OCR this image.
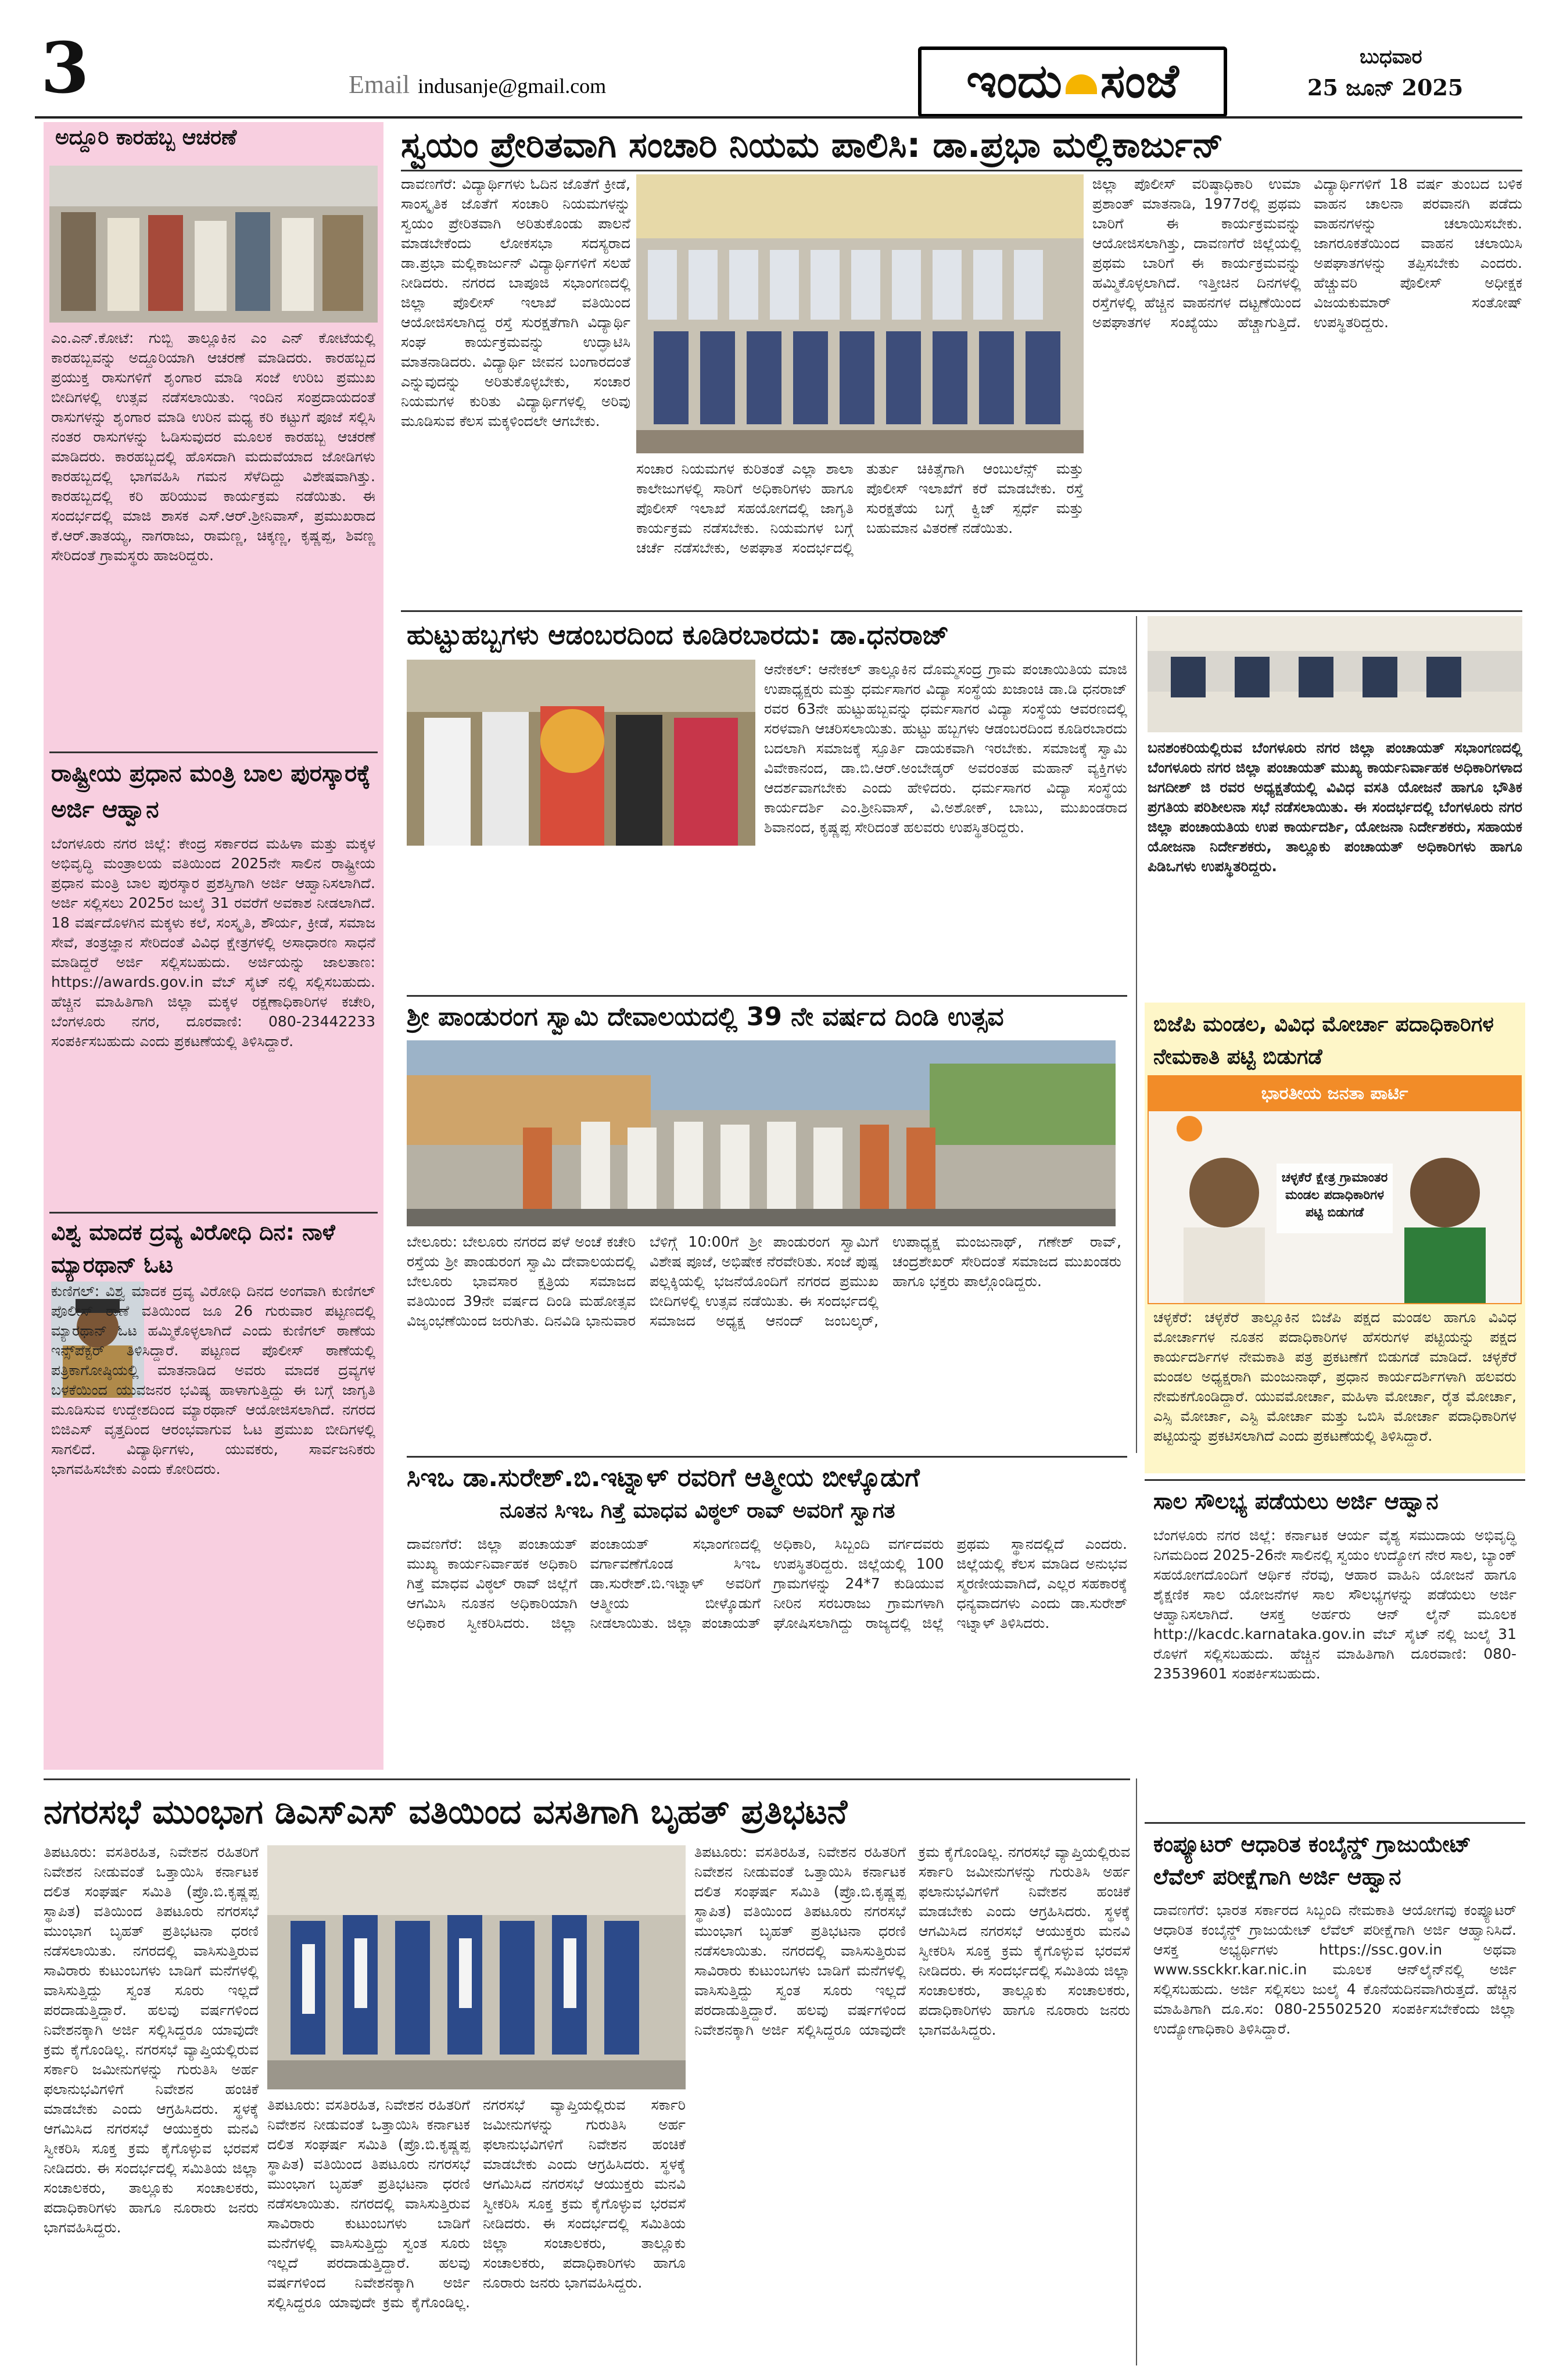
3	Email indusanje@gmail.com	ಇಂದು ಸಂಜೆ	ಬುಧವಾರ
25 ಜೂನ್ 2025
ಅದ್ದೂರಿ ಕಾರಹಬ್ಬ ಆಚರಣೆ
ಎಂ.ಎನ್.ಕೋಟೆ: ಗುಬ್ಬಿ ತಾಲ್ಲೂಕಿನ ಎಂ ಎನ್ ಕೋಟೆಯಲ್ಲಿ ಕಾರಹಬ್ಬವನ್ನು ಅದ್ದೂರಿಯಾಗಿ ಆಚರಣೆ ಮಾಡಿದರು. ಕಾರಹಬ್ಬದ ಪ್ರಯುಕ್ತ ರಾಸುಗಳಿಗೆ ಶೃಂಗಾರ ಮಾಡಿ ಸಂಜೆ ಉರಿಬ ಪ್ರಮುಖ ಬೀದಿಗಳಲ್ಲಿ ಉತ್ಸವ ನಡೆಸಲಾಯಿತು. ಇಂದಿನ ಸಂಪ್ರದಾಯದಂತೆ ರಾಸುಗಳನ್ನು ಶೃಂಗಾರ ಮಾಡಿ ಉರಿನ ಮಧ್ಯ ಕರಿ ಕಟ್ಟುಗೆ ಪೂಜೆ ಸಲ್ಲಿಸಿ ನಂತರ ರಾಸುಗಳನ್ನು ಓಡಿಸುವುದರ ಮೂಲಕ ಕಾರಹಬ್ಬ ಆಚರಣೆ ಮಾಡಿದರು. ಕಾರಹಬ್ಬದಲ್ಲಿ ಹೊಸದಾಗಿ ಮದುವೆಯಾದ ಜೋಡಿಗಳು ಕಾರಹಬ್ಬದಲ್ಲಿ ಭಾಗವಹಿಸಿ ಗಮನ ಸೆಳೆದಿದ್ದು ವಿಶೇಷವಾಗಿತ್ತು. ಕಾರಹಬ್ಬದಲ್ಲಿ ಕರಿ ಹರಿಯುವ ಕಾರ್ಯಕ್ರಮ ನಡೆಯಿತು. ಈ ಸಂದರ್ಭದಲ್ಲಿ ಮಾಜಿ ಶಾಸಕ ಎಸ್.ಆರ್.ಶ್ರೀನಿವಾಸ್, ಪ್ರಮುಖರಾದ ಕೆ.ಆರ್.ತಾತಯ್ಯ, ನಾಗರಾಜು, ರಾಮಣ್ಣ, ಚಿಕ್ಕಣ್ಣ, ಕೃಷ್ಣಪ್ಪ, ಶಿವಣ್ಣ ಸೇರಿದಂತೆ ಗ್ರಾಮಸ್ಥರು ಹಾಜರಿದ್ದರು.
ರಾಷ್ಟ್ರೀಯ ಪ್ರಧಾನ ಮಂತ್ರಿ ಬಾಲ ಪುರಸ್ಕಾರಕ್ಕೆ ಅರ್ಜಿ ಆಹ್ವಾನ
ಬೆಂಗಳೂರು ನಗರ ಜಿಲ್ಲೆ: ಕೇಂದ್ರ ಸರ್ಕಾರದ ಮಹಿಳಾ ಮತ್ತು ಮಕ್ಕಳ ಅಭಿವೃದ್ಧಿ ಮಂತ್ರಾಲಯ ವತಿಯಿಂದ 2025ನೇ ಸಾಲಿನ ರಾಷ್ಟ್ರೀಯ ಪ್ರಧಾನ ಮಂತ್ರಿ ಬಾಲ ಪುರಸ್ಕಾರ ಪ್ರಶಸ್ತಿಗಾಗಿ ಅರ್ಜಿ ಆಹ್ವಾನಿಸಲಾಗಿದೆ. ಅರ್ಜಿ ಸಲ್ಲಿಸಲು 2025ರ ಜುಲೈ 31 ರವರೆಗೆ ಅವಕಾಶ ನೀಡಲಾಗಿದೆ. 18 ವರ್ಷದೊಳಗಿನ ಮಕ್ಕಳು ಕಲೆ, ಸಂಸ್ಕೃತಿ, ಶೌರ್ಯ, ಕ್ರೀಡೆ, ಸಮಾಜ ಸೇವೆ, ತಂತ್ರಜ್ಞಾನ ಸೇರಿದಂತೆ ವಿವಿಧ ಕ್ಷೇತ್ರಗಳಲ್ಲಿ ಅಸಾಧಾರಣ ಸಾಧನೆ ಮಾಡಿದ್ದರೆ ಅರ್ಜಿ ಸಲ್ಲಿಸಬಹುದು. ಅರ್ಜಿಯನ್ನು ಜಾಲತಾಣ: https://awards.gov.in ವೆಬ್ ಸೈಟ್ ನಲ್ಲಿ ಸಲ್ಲಿಸಬಹುದು. ಹೆಚ್ಚಿನ ಮಾಹಿತಿಗಾಗಿ ಜಿಲ್ಲಾ ಮಕ್ಕಳ ರಕ್ಷಣಾಧಿಕಾರಿಗಳ ಕಚೇರಿ, ಬೆಂಗಳೂರು ನಗರ, ದೂರವಾಣಿ: 080-23442233 ಸಂಪರ್ಕಿಸಬಹುದು ಎಂದು ಪ್ರಕಟಣೆಯಲ್ಲಿ ತಿಳಿಸಿದ್ದಾರೆ.
ವಿಶ್ವ ಮಾದಕ ದ್ರವ್ಯ ವಿರೋಧಿ ದಿನ: ನಾಳೆ ಮ್ಯಾರಥಾನ್ ಓಟ
ಕುಣಿಗಲ್: ವಿಶ್ವ ಮಾದಕ ದ್ರವ್ಯ ವಿರೋಧಿ ದಿನದ ಅಂಗವಾಗಿ ಕುಣಿಗಲ್ ಪೊಲೀಸ್ ಠಾಣೆ ವತಿಯಿಂದ ಜೂ 26 ಗುರುವಾರ ಪಟ್ಟಣದಲ್ಲಿ ಮ್ಯಾರಥಾನ್ ಓಟ ಹಮ್ಮಿಕೊಳ್ಳಲಾಗಿದೆ ಎಂದು ಕುಣಿಗಲ್ ಠಾಣೆಯ ಇನ್ಸ್‌ಪೆಕ್ಟರ್ ತಿಳಿಸಿದ್ದಾರೆ. ಪಟ್ಟಣದ ಪೊಲೀಸ್ ಠಾಣೆಯಲ್ಲಿ ಪತ್ರಿಕಾಗೋಷ್ಠಿಯಲ್ಲಿ ಮಾತನಾಡಿದ ಅವರು ಮಾದಕ ದ್ರವ್ಯಗಳ ಬಳಕೆಯಿಂದ ಯುವಜನರ ಭವಿಷ್ಯ ಹಾಳಾಗುತ್ತಿದ್ದು ಈ ಬಗ್ಗೆ ಜಾಗೃತಿ ಮೂಡಿಸುವ ಉದ್ದೇಶದಿಂದ ಮ್ಯಾರಥಾನ್ ಆಯೋಜಿಸಲಾಗಿದೆ. ನಗರದ ಬಿಜಿಎಸ್ ವೃತ್ತದಿಂದ ಆರಂಭವಾಗುವ ಓಟ ಪ್ರಮುಖ ಬೀದಿಗಳಲ್ಲಿ ಸಾಗಲಿದೆ. ವಿದ್ಯಾರ್ಥಿಗಳು, ಯುವಕರು, ಸಾರ್ವಜನಿಕರು ಭಾಗವಹಿಸಬೇಕು ಎಂದು ಕೋರಿದರು.
ಸ್ವಯಂ ಪ್ರೇರಿತವಾಗಿ ಸಂಚಾರಿ ನಿಯಮ ಪಾಲಿಸಿ: ಡಾ.ಪ್ರಭಾ ಮಲ್ಲಿಕಾರ್ಜುನ್
ದಾವಣಗೆರೆ: ವಿದ್ಯಾರ್ಥಿಗಳು ಓದಿನ ಜೊತೆಗೆ ಕ್ರೀಡೆ, ಸಾಂಸ್ಕೃತಿಕ ಜೊತೆಗೆ ಸಂಚಾರಿ ನಿಯಮಗಳನ್ನು ಸ್ವಯಂ ಪ್ರೇರಿತವಾಗಿ ಅರಿತುಕೊಂಡು ಪಾಲನೆ ಮಾಡಬೇಕೆಂದು ಲೋಕಸಭಾ ಸದಸ್ಯರಾದ ಡಾ.ಪ್ರಭಾ ಮಲ್ಲಿಕಾರ್ಜುನ್ ವಿದ್ಯಾರ್ಥಿಗಳಿಗೆ ಸಲಹೆ ನೀಡಿದರು. ನಗರದ ಬಾಪೂಜಿ ಸಭಾಂಗಣದಲ್ಲಿ ಜಿಲ್ಲಾ ಪೊಲೀಸ್ ಇಲಾಖೆ ವತಿಯಿಂದ ಆಯೋಜಿಸಲಾಗಿದ್ದ ರಸ್ತೆ ಸುರಕ್ಷತೆಗಾಗಿ ವಿದ್ಯಾರ್ಥಿ ಸಂಘ ಕಾರ್ಯಕ್ರಮವನ್ನು ಉದ್ಘಾಟಿಸಿ ಮಾತನಾಡಿದರು. ವಿದ್ಯಾರ್ಥಿ ಜೀವನ ಬಂಗಾರದಂತೆ ಎನ್ನುವುದನ್ನು ಅರಿತುಕೊಳ್ಳಬೇಕು, ಸಂಚಾರ ನಿಯಮಗಳ ಕುರಿತು ವಿದ್ಯಾರ್ಥಿಗಳಲ್ಲಿ ಅರಿವು ಮೂಡಿಸುವ ಕೆಲಸ ಮಕ್ಕಳಿಂದಲೇ ಆಗಬೇಕು.
ಸಂಚಾರ ನಿಯಮಗಳ ಕುರಿತಂತೆ ಎಲ್ಲಾ ಶಾಲಾ ಕಾಲೇಜುಗಳಲ್ಲಿ ಸಾರಿಗೆ ಅಧಿಕಾರಿಗಳು ಹಾಗೂ ಪೊಲೀಸ್ ಇಲಾಖೆ ಸಹಯೋಗದಲ್ಲಿ ಜಾಗೃತಿ ಕಾರ್ಯಕ್ರಮ ನಡೆಸಬೇಕು. ನಿಯಮಗಳ ಬಗ್ಗೆ ಚರ್ಚೆ ನಡೆಸಬೇಕು, ಅಪಘಾತ ಸಂದರ್ಭದಲ್ಲಿ ತುರ್ತು ಚಿಕಿತ್ಸೆಗಾಗಿ ಆಂಬುಲೆನ್ಸ್ ಮತ್ತು ಪೊಲೀಸ್ ಇಲಾಖೆಗೆ ಕರೆ ಮಾಡಬೇಕು. ರಸ್ತೆ ಸುರಕ್ಷತೆಯ ಬಗ್ಗೆ ಕ್ವಿಜ್ ಸ್ಪರ್ಧೆ ಮತ್ತು ಬಹುಮಾನ ವಿತರಣೆ ನಡೆಯಿತು.
ಜಿಲ್ಲಾ ಪೊಲೀಸ್ ವರಿಷ್ಠಾಧಿಕಾರಿ ಉಮಾ ಪ್ರಶಾಂತ್ ಮಾತನಾಡಿ, 1977ರಲ್ಲಿ ಪ್ರಥಮ ಬಾರಿಗೆ ಈ ಕಾರ್ಯಕ್ರಮವನ್ನು ಆಯೋಜಿಸಲಾಗಿತ್ತು, ದಾವಣಗೆರೆ ಜಿಲ್ಲೆಯಲ್ಲಿ ಪ್ರಥಮ ಬಾರಿಗೆ ಈ ಕಾರ್ಯಕ್ರಮವನ್ನು ಹಮ್ಮಿಕೊಳ್ಳಲಾಗಿದೆ. ಇತ್ತೀಚಿನ ದಿನಗಳಲ್ಲಿ ರಸ್ತೆಗಳಲ್ಲಿ ಹೆಚ್ಚಿನ ವಾಹನಗಳ ದಟ್ಟಣೆಯಿಂದ ಅಪಘಾತಗಳ ಸಂಖ್ಯೆಯು ಹೆಚ್ಚಾಗುತ್ತಿದೆ. ವಿದ್ಯಾರ್ಥಿಗಳಿಗೆ 18 ವರ್ಷ ತುಂಬದ ಬಳಿಕ ವಾಹನ ಚಾಲನಾ ಪರವಾನಗಿ ಪಡೆದು ವಾಹನಗಳನ್ನು ಚಲಾಯಿಸಬೇಕು. ಜಾಗರೂಕತೆಯಿಂದ ವಾಹನ ಚಲಾಯಿಸಿ ಅಪಘಾತಗಳನ್ನು ತಪ್ಪಿಸಬೇಕು ಎಂದರು. ಹೆಚ್ಚುವರಿ ಪೊಲೀಸ್ ಅಧೀಕ್ಷಕ ವಿಜಯಕುಮಾರ್ ಸಂತೋಷ್ ಉಪಸ್ಥಿತರಿದ್ದರು.
ಹುಟ್ಟುಹಬ್ಬಗಳು ಆಡಂಬರದಿಂದ ಕೂಡಿರಬಾರದು: ಡಾ.ಧನರಾಜ್
ಆನೇಕಲ್: ಆನೇಕಲ್ ತಾಲ್ಲೂಕಿನ ದೊಮ್ಮಸಂದ್ರ ಗ್ರಾಮ ಪಂಚಾಯಿತಿಯ ಮಾಜಿ ಉಪಾಧ್ಯಕ್ಷರು ಮತ್ತು ಧರ್ಮಸಾಗರ ವಿದ್ಯಾ ಸಂಸ್ಥೆಯ ಖಜಾಂಚಿ ಡಾ.ಡಿ ಧನರಾಜ್ ರವರ 63ನೇ ಹುಟ್ಟುಹಬ್ಬವನ್ನು ಧರ್ಮಸಾಗರ ವಿದ್ಯಾ ಸಂಸ್ಥೆಯ ಆವರಣದಲ್ಲಿ ಸರಳವಾಗಿ ಆಚರಿಸಲಾಯಿತು. ಹುಟ್ಟು ಹಬ್ಬಗಳು ಆಡಂಬರದಿಂದ ಕೂಡಿರಬಾರದು ಬದಲಾಗಿ ಸಮಾಜಕ್ಕೆ ಸ್ಪೂರ್ತಿ ದಾಯಕವಾಗಿ ಇರಬೇಕು. ಸಮಾಜಕ್ಕೆ ಸ್ವಾಮಿ ವಿವೇಕಾನಂದ, ಡಾ.ಬಿ.ಆರ್.ಅಂಬೇಡ್ಕರ್ ಅವರಂತಹ ಮಹಾನ್ ವ್ಯಕ್ತಿಗಳು ಆದರ್ಶವಾಗಬೇಕು ಎಂದು ಹೇಳಿದರು. ಧರ್ಮಸಾಗರ ವಿದ್ಯಾ ಸಂಸ್ಥೆಯ ಕಾರ್ಯದರ್ಶಿ ಎಂ.ಶ್ರೀನಿವಾಸ್, ವಿ.ಅಶೋಕ್, ಬಾಬು, ಮುಖಂಡರಾದ ಶಿವಾನಂದ, ಕೃಷ್ಣಪ್ಪ ಸೇರಿದಂತೆ ಹಲವರು ಉಪಸ್ಥಿತರಿದ್ದರು.
ಶ್ರೀ ಪಾಂಡುರಂಗ ಸ್ವಾಮಿ ದೇವಾಲಯದಲ್ಲಿ 39 ನೇ ವರ್ಷದ ದಿಂಡಿ ಉತ್ಸವ
ಬೇಲೂರು: ಬೇಲೂರು ನಗರದ ಪಳೆ ಅಂಚೆ ಕಚೇರಿ ರಸ್ತೆಯ ಶ್ರೀ ಪಾಂಡುರಂಗ ಸ್ವಾಮಿ ದೇವಾಲಯದಲ್ಲಿ ಬೇಲೂರು ಭಾವಸಾರ ಕ್ಷತ್ರಿಯ ಸಮಾಜದ ವತಿಯಿಂದ 39ನೇ ವರ್ಷದ ದಿಂಡಿ ಮಹೋತ್ಸವ ವಿಜೃಂಭಣೆಯಿಂದ ಜರುಗಿತು. ದಿನವಿಡಿ ಭಾನುವಾರ ಬೆಳಿಗ್ಗೆ 10:00ಗೆ ಶ್ರೀ ಪಾಂಡುರಂಗ ಸ್ವಾಮಿಗೆ ವಿಶೇಷ ಪೂಜೆ, ಅಭಿಷೇಕ ನೆರವೇರಿತು. ಸಂಜೆ ಪುಷ್ಪ ಪಲ್ಲಕ್ಕಿಯಲ್ಲಿ ಭಜನೆಯೊಂದಿಗೆ ನಗರದ ಪ್ರಮುಖ ಬೀದಿಗಳಲ್ಲಿ ಉತ್ಸವ ನಡೆಯಿತು. ಈ ಸಂದರ್ಭದಲ್ಲಿ ಸಮಾಜದ ಅಧ್ಯಕ್ಷ ಆನಂದ್ ಜಂಬಲ್ಕರ್, ಉಪಾಧ್ಯಕ್ಷ ಮಂಜುನಾಥ್, ಗಣೇಶ್ ರಾವ್, ಚಂದ್ರಶೇಖರ್ ಸೇರಿದಂತೆ ಸಮಾಜದ ಮುಖಂಡರು ಹಾಗೂ ಭಕ್ತರು ಪಾಲ್ಗೊಂಡಿದ್ದರು.
ಸಿಇಒ ಡಾ.ಸುರೇಶ್.ಬಿ.ಇಟ್ನಾಳ್ ರವರಿಗೆ ಆತ್ಮೀಯ ಬೀಳ್ಕೊಡುಗೆ
ನೂತನ ಸಿಇಒ ಗಿತ್ತೆ ಮಾಧವ ವಿಠ್ಠಲ್ ರಾವ್ ಅವರಿಗೆ ಸ್ವಾಗತ
ದಾವಣಗೆರೆ: ಜಿಲ್ಲಾ ಪಂಚಾಯತ್ ಮುಖ್ಯ ಕಾರ್ಯನಿರ್ವಾಹಕ ಅಧಿಕಾರಿ ಗಿತ್ತೆ ಮಾಧವ ವಿಠ್ಠಲ್ ರಾವ್ ಜಿಲ್ಲೆಗೆ ಆಗಮಿಸಿ ನೂತನ ಅಧಿಕಾರಿಯಾಗಿ ಅಧಿಕಾರ ಸ್ವೀಕರಿಸಿದರು. ಜಿಲ್ಲಾ ಪಂಚಾಯತ್ ಸಭಾಂಗಣದಲ್ಲಿ ವರ್ಗಾವಣೆಗೊಂಡ ಸಿಇಒ ಡಾ.ಸುರೇಶ್.ಬಿ.ಇಟ್ನಾಳ್ ಅವರಿಗೆ ಆತ್ಮೀಯ ಬೀಳ್ಕೊಡುಗೆ ನೀಡಲಾಯಿತು. ಜಿಲ್ಲಾ ಪಂಚಾಯತ್ ಅಧಿಕಾರಿ, ಸಿಬ್ಬಂದಿ ವರ್ಗದವರು ಉಪಸ್ಥಿತರಿದ್ದರು. ಜಿಲ್ಲೆಯಲ್ಲಿ 100 ಗ್ರಾಮಗಳನ್ನು 24*7 ಕುಡಿಯುವ ನೀರಿನ ಸರಬರಾಜು ಗ್ರಾಮಗಳಾಗಿ ಘೋಷಿಸಲಾಗಿದ್ದು ರಾಜ್ಯದಲ್ಲಿ ಜಿಲ್ಲೆ ಪ್ರಥಮ ಸ್ಥಾನದಲ್ಲಿದೆ ಎಂದರು. ಜಿಲ್ಲೆಯಲ್ಲಿ ಕೆಲಸ ಮಾಡಿದ ಅನುಭವ ಸ್ಮರಣೀಯವಾಗಿದೆ, ಎಲ್ಲರ ಸಹಕಾರಕ್ಕೆ ಧನ್ಯವಾದಗಳು ಎಂದು ಡಾ.ಸುರೇಶ್ ಇಟ್ನಾಳ್ ತಿಳಿಸಿದರು.
ಬನಶಂಕರಿಯಲ್ಲಿರುವ ಬೆಂಗಳೂರು ನಗರ ಜಿಲ್ಲಾ ಪಂಚಾಯತ್ ಸಭಾಂಗಣದಲ್ಲಿ ಬೆಂಗಳೂರು ನಗರ ಜಿಲ್ಲಾ ಪಂಚಾಯತ್ ಮುಖ್ಯ ಕಾರ್ಯನಿರ್ವಾಹಕ ಅಧಿಕಾರಿಗಳಾದ ಜಗದೀಶ್ ಜಿ ರವರ ಅಧ್ಯಕ್ಷತೆಯಲ್ಲಿ ವಿವಿಧ ವಸತಿ ಯೋಜನೆ ಹಾಗೂ ಭೌತಿಕ ಪ್ರಗತಿಯ ಪರಿಶೀಲನಾ ಸಭೆ ನಡೆಸಲಾಯಿತು. ಈ ಸಂದರ್ಭದಲ್ಲಿ ಬೆಂಗಳೂರು ನಗರ ಜಿಲ್ಲಾ ಪಂಚಾಯತಿಯ ಉಪ ಕಾರ್ಯದರ್ಶಿ, ಯೋಜನಾ ನಿರ್ದೇಶಕರು, ಸಹಾಯಕ ಯೋಜನಾ ನಿರ್ದೇಶಕರು, ತಾಲ್ಲೂಕು ಪಂಚಾಯತ್ ಅಧಿಕಾರಿಗಳು ಹಾಗೂ ಪಿಡಿಒಗಳು ಉಪಸ್ಥಿತರಿದ್ದರು.
ಬಿಜೆಪಿ ಮಂಡಲ, ವಿವಿಧ ಮೋರ್ಚಾ ಪದಾಧಿಕಾರಿಗಳ ನೇಮಕಾತಿ ಪಟ್ಟಿ ಬಿಡುಗಡೆ
ಭಾರತೀಯ ಜನತಾ ಪಾರ್ಟಿ
ಚಳ್ಳಕೆರೆ ಕ್ಷೇತ್ರ ಗ್ರಾಮಾಂತರ ಮಂಡಲ ಪದಾಧಿಕಾರಿಗಳ ಪಟ್ಟಿ ಬಿಡುಗಡೆ
ಚಳ್ಳಕೆರೆ: ಚಳ್ಳಕೆರೆ ತಾಲ್ಲೂಕಿನ ಬಿಜೆಪಿ ಪಕ್ಷದ ಮಂಡಲ ಹಾಗೂ ವಿವಿಧ ಮೋರ್ಚಾಗಳ ನೂತನ ಪದಾಧಿಕಾರಿಗಳ ಹೆಸರುಗಳ ಪಟ್ಟಿಯನ್ನು ಪಕ್ಷದ ಕಾರ್ಯದರ್ಶಿಗಳ ನೇಮಕಾತಿ ಪತ್ರ ಪ್ರಕಟಣೆಗೆ ಬಿಡುಗಡೆ ಮಾಡಿದೆ. ಚಳ್ಳಕೆರೆ ಮಂಡಲ ಅಧ್ಯಕ್ಷರಾಗಿ ಮಂಜುನಾಥ್, ಪ್ರಧಾನ ಕಾರ್ಯದರ್ಶಿಗಳಾಗಿ ಹಲವರು ನೇಮಕಗೊಂಡಿದ್ದಾರೆ. ಯುವಮೋರ್ಚಾ, ಮಹಿಳಾ ಮೋರ್ಚಾ, ರೈತ ಮೋರ್ಚಾ, ಎಸ್ಸಿ ಮೋರ್ಚಾ, ಎಸ್ಟಿ ಮೋರ್ಚಾ ಮತ್ತು ಒಬಿಸಿ ಮೋರ್ಚಾ ಪದಾಧಿಕಾರಿಗಳ ಪಟ್ಟಿಯನ್ನು ಪ್ರಕಟಿಸಲಾಗಿದೆ ಎಂದು ಪ್ರಕಟಣೆಯಲ್ಲಿ ತಿಳಿಸಿದ್ದಾರೆ.
ಸಾಲ ಸೌಲಭ್ಯ ಪಡೆಯಲು ಅರ್ಜಿ ಆಹ್ವಾನ
ಬೆಂಗಳೂರು ನಗರ ಜಿಲ್ಲೆ: ಕರ್ನಾಟಕ ಆರ್ಯ ವೈಶ್ಯ ಸಮುದಾಯ ಅಭಿವೃದ್ಧಿ ನಿಗಮದಿಂದ 2025-26ನೇ ಸಾಲಿನಲ್ಲಿ ಸ್ವಯಂ ಉದ್ಯೋಗ ನೇರ ಸಾಲ, ಬ್ಯಾಂಕ್ ಸಹಯೋಗದೊಂದಿಗೆ ಆರ್ಥಿಕ ನೆರವು, ಆಹಾರ ವಾಹಿನಿ ಯೋಜನೆ ಹಾಗೂ ಶೈಕ್ಷಣಿಕ ಸಾಲ ಯೋಜನೆಗಳ ಸಾಲ ಸೌಲಭ್ಯಗಳನ್ನು ಪಡೆಯಲು ಅರ್ಜಿ ಆಹ್ವಾನಿಸಲಾಗಿದೆ. ಆಸಕ್ತ ಅರ್ಹರು ಆನ್ ಲೈನ್ ಮೂಲಕ http://kacdc.karnataka.gov.in ವೆಬ್ ಸೈಟ್ ನಲ್ಲಿ ಜುಲೈ 31 ರೊಳಗೆ ಸಲ್ಲಿಸಬಹುದು. ಹೆಚ್ಚಿನ ಮಾಹಿತಿಗಾಗಿ ದೂರವಾಣಿ: 080-23539601 ಸಂಪರ್ಕಿಸಬಹುದು.
ಕಂಪ್ಯೂಟರ್ ಆಧಾರಿತ ಕಂಬೈನ್ಡ್ ಗ್ರಾಜುಯೇಟ್ ಲೆವೆಲ್ ಪರೀಕ್ಷೆಗಾಗಿ ಅರ್ಜಿ ಆಹ್ವಾನ
ದಾವಣಗೆರೆ: ಭಾರತ ಸರ್ಕಾರದ ಸಿಬ್ಬಂದಿ ನೇಮಕಾತಿ ಆಯೋಗವು ಕಂಪ್ಯೂಟರ್ ಆಧಾರಿತ ಕಂಬೈನ್ಡ್ ಗ್ರಾಜುಯೇಟ್ ಲೆವೆಲ್ ಪರೀಕ್ಷೆಗಾಗಿ ಅರ್ಜಿ ಆಹ್ವಾನಿಸಿದೆ. ಆಸಕ್ತ ಅಭ್ಯರ್ಥಿಗಳು https://ssc.gov.in ಅಥವಾ www.ssckkr.kar.nic.in ಮೂಲಕ ಆನ್‌ಲೈನ್‌ನಲ್ಲಿ ಅರ್ಜಿ ಸಲ್ಲಿಸಬಹುದು. ಅರ್ಜಿ ಸಲ್ಲಿಸಲು ಜುಲೈ 4 ಕೊನೆಯದಿನವಾಗಿರುತ್ತದೆ. ಹೆಚ್ಚಿನ ಮಾಹಿತಿಗಾಗಿ ದೂ.ಸಂ: 080-25502520 ಸಂಪರ್ಕಿಸಬೇಕೆಂದು ಜಿಲ್ಲಾ ಉದ್ಯೋಗಾಧಿಕಾರಿ ತಿಳಿಸಿದ್ದಾರೆ.
ನಗರಸಭೆ ಮುಂಭಾಗ ಡಿಎಸ್ಎಸ್ ವತಿಯಿಂದ ವಸತಿಗಾಗಿ ಬೃಹತ್ ಪ್ರತಿಭಟನೆ
ತಿಪಟೂರು: ವಸತಿರಹಿತ, ನಿವೇಶನ ರಹಿತರಿಗೆ ನಿವೇಶನ ನೀಡುವಂತೆ ಒತ್ತಾಯಿಸಿ ಕರ್ನಾಟಕ ದಲಿತ ಸಂಘರ್ಷ ಸಮಿತಿ (ಪ್ರೊ.ಬಿ.ಕೃಷ್ಣಪ್ಪ ಸ್ಥಾಪಿತ) ವತಿಯಿಂದ ತಿಪಟೂರು ನಗರಸಭೆ ಮುಂಭಾಗ ಬೃಹತ್ ಪ್ರತಿಭಟನಾ ಧರಣಿ ನಡೆಸಲಾಯಿತು. ನಗರದಲ್ಲಿ ವಾಸಿಸುತ್ತಿರುವ ಸಾವಿರಾರು ಕುಟುಂಬಗಳು ಬಾಡಿಗೆ ಮನೆಗಳಲ್ಲಿ ವಾಸಿಸುತ್ತಿದ್ದು ಸ್ವಂತ ಸೂರು ಇಲ್ಲದೆ ಪರದಾಡುತ್ತಿದ್ದಾರೆ. ಹಲವು ವರ್ಷಗಳಿಂದ ನಿವೇಶನಕ್ಕಾಗಿ ಅರ್ಜಿ ಸಲ್ಲಿಸಿದ್ದರೂ ಯಾವುದೇ ಕ್ರಮ ಕೈಗೊಂಡಿಲ್ಲ. ನಗರಸಭೆ ವ್ಯಾಪ್ತಿಯಲ್ಲಿರುವ ಸರ್ಕಾರಿ ಜಮೀನುಗಳನ್ನು ಗುರುತಿಸಿ ಅರ್ಹ ಫಲಾನುಭವಿಗಳಿಗೆ ನಿವೇಶನ ಹಂಚಿಕೆ ಮಾಡಬೇಕು ಎಂದು ಆಗ್ರಹಿಸಿದರು. ಸ್ಥಳಕ್ಕೆ ಆಗಮಿಸಿದ ನಗರಸಭೆ ಆಯುಕ್ತರು ಮನವಿ ಸ್ವೀಕರಿಸಿ ಸೂಕ್ತ ಕ್ರಮ ಕೈಗೊಳ್ಳುವ ಭರವಸೆ ನೀಡಿದರು. ಈ ಸಂದರ್ಭದಲ್ಲಿ ಸಮಿತಿಯ ಜಿಲ್ಲಾ ಸಂಚಾಲಕರು, ತಾಲ್ಲೂಕು ಸಂಚಾಲಕರು, ಪದಾಧಿಕಾರಿಗಳು ಹಾಗೂ ನೂರಾರು ಜನರು ಭಾಗವಹಿಸಿದ್ದರು.
ತಿಪಟೂರು: ವಸತಿರಹಿತ, ನಿವೇಶನ ರಹಿತರಿಗೆ ನಿವೇಶನ ನೀಡುವಂತೆ ಒತ್ತಾಯಿಸಿ ಕರ್ನಾಟಕ ದಲಿತ ಸಂಘರ್ಷ ಸಮಿತಿ (ಪ್ರೊ.ಬಿ.ಕೃಷ್ಣಪ್ಪ ಸ್ಥಾಪಿತ) ವತಿಯಿಂದ ತಿಪಟೂರು ನಗರಸಭೆ ಮುಂಭಾಗ ಬೃಹತ್ ಪ್ರತಿಭಟನಾ ಧರಣಿ ನಡೆಸಲಾಯಿತು. ನಗರದಲ್ಲಿ ವಾಸಿಸುತ್ತಿರುವ ಸಾವಿರಾರು ಕುಟುಂಬಗಳು ಬಾಡಿಗೆ ಮನೆಗಳಲ್ಲಿ ವಾಸಿಸುತ್ತಿದ್ದು ಸ್ವಂತ ಸೂರು ಇಲ್ಲದೆ ಪರದಾಡುತ್ತಿದ್ದಾರೆ. ಹಲವು ವರ್ಷಗಳಿಂದ ನಿವೇಶನಕ್ಕಾಗಿ ಅರ್ಜಿ ಸಲ್ಲಿಸಿದ್ದರೂ ಯಾವುದೇ ಕ್ರಮ ಕೈಗೊಂಡಿಲ್ಲ. ನಗರಸಭೆ ವ್ಯಾಪ್ತಿಯಲ್ಲಿರುವ ಸರ್ಕಾರಿ ಜಮೀನುಗಳನ್ನು ಗುರುತಿಸಿ ಅರ್ಹ ಫಲಾನುಭವಿಗಳಿಗೆ ನಿವೇಶನ ಹಂಚಿಕೆ ಮಾಡಬೇಕು ಎಂದು ಆಗ್ರಹಿಸಿದರು. ಸ್ಥಳಕ್ಕೆ ಆಗಮಿಸಿದ ನಗರಸಭೆ ಆಯುಕ್ತರು ಮನವಿ ಸ್ವೀಕರಿಸಿ ಸೂಕ್ತ ಕ್ರಮ ಕೈಗೊಳ್ಳುವ ಭರವಸೆ ನೀಡಿದರು. ಈ ಸಂದರ್ಭದಲ್ಲಿ ಸಮಿತಿಯ ಜಿಲ್ಲಾ ಸಂಚಾಲಕರು, ತಾಲ್ಲೂಕು ಸಂಚಾಲಕರು, ಪದಾಧಿಕಾರಿಗಳು ಹಾಗೂ ನೂರಾರು ಜನರು ಭಾಗವಹಿಸಿದ್ದರು.
ತಿಪಟೂರು: ವಸತಿರಹಿತ, ನಿವೇಶನ ರಹಿತರಿಗೆ ನಿವೇಶನ ನೀಡುವಂತೆ ಒತ್ತಾಯಿಸಿ ಕರ್ನಾಟಕ ದಲಿತ ಸಂಘರ್ಷ ಸಮಿತಿ (ಪ್ರೊ.ಬಿ.ಕೃಷ್ಣಪ್ಪ ಸ್ಥಾಪಿತ) ವತಿಯಿಂದ ತಿಪಟೂರು ನಗರಸಭೆ ಮುಂಭಾಗ ಬೃಹತ್ ಪ್ರತಿಭಟನಾ ಧರಣಿ ನಡೆಸಲಾಯಿತು. ನಗರದಲ್ಲಿ ವಾಸಿಸುತ್ತಿರುವ ಸಾವಿರಾರು ಕುಟುಂಬಗಳು ಬಾಡಿಗೆ ಮನೆಗಳಲ್ಲಿ ವಾಸಿಸುತ್ತಿದ್ದು ಸ್ವಂತ ಸೂರು ಇಲ್ಲದೆ ಪರದಾಡುತ್ತಿದ್ದಾರೆ. ಹಲವು ವರ್ಷಗಳಿಂದ ನಿವೇಶನಕ್ಕಾಗಿ ಅರ್ಜಿ ಸಲ್ಲಿಸಿದ್ದರೂ ಯಾವುದೇ ಕ್ರಮ ಕೈಗೊಂಡಿಲ್ಲ. ನಗರಸಭೆ ವ್ಯಾಪ್ತಿಯಲ್ಲಿರುವ ಸರ್ಕಾರಿ ಜಮೀನುಗಳನ್ನು ಗುರುತಿಸಿ ಅರ್ಹ ಫಲಾನುಭವಿಗಳಿಗೆ ನಿವೇಶನ ಹಂಚಿಕೆ ಮಾಡಬೇಕು ಎಂದು ಆಗ್ರಹಿಸಿದರು. ಸ್ಥಳಕ್ಕೆ ಆಗಮಿಸಿದ ನಗರಸಭೆ ಆಯುಕ್ತರು ಮನವಿ ಸ್ವೀಕರಿಸಿ ಸೂಕ್ತ ಕ್ರಮ ಕೈಗೊಳ್ಳುವ ಭರವಸೆ ನೀಡಿದರು. ಈ ಸಂದರ್ಭದಲ್ಲಿ ಸಮಿತಿಯ ಜಿಲ್ಲಾ ಸಂಚಾಲಕರು, ತಾಲ್ಲೂಕು ಸಂಚಾಲಕರು, ಪದಾಧಿಕಾರಿಗಳು ಹಾಗೂ ನೂರಾರು ಜನರು ಭಾಗವಹಿಸಿದ್ದರು.
